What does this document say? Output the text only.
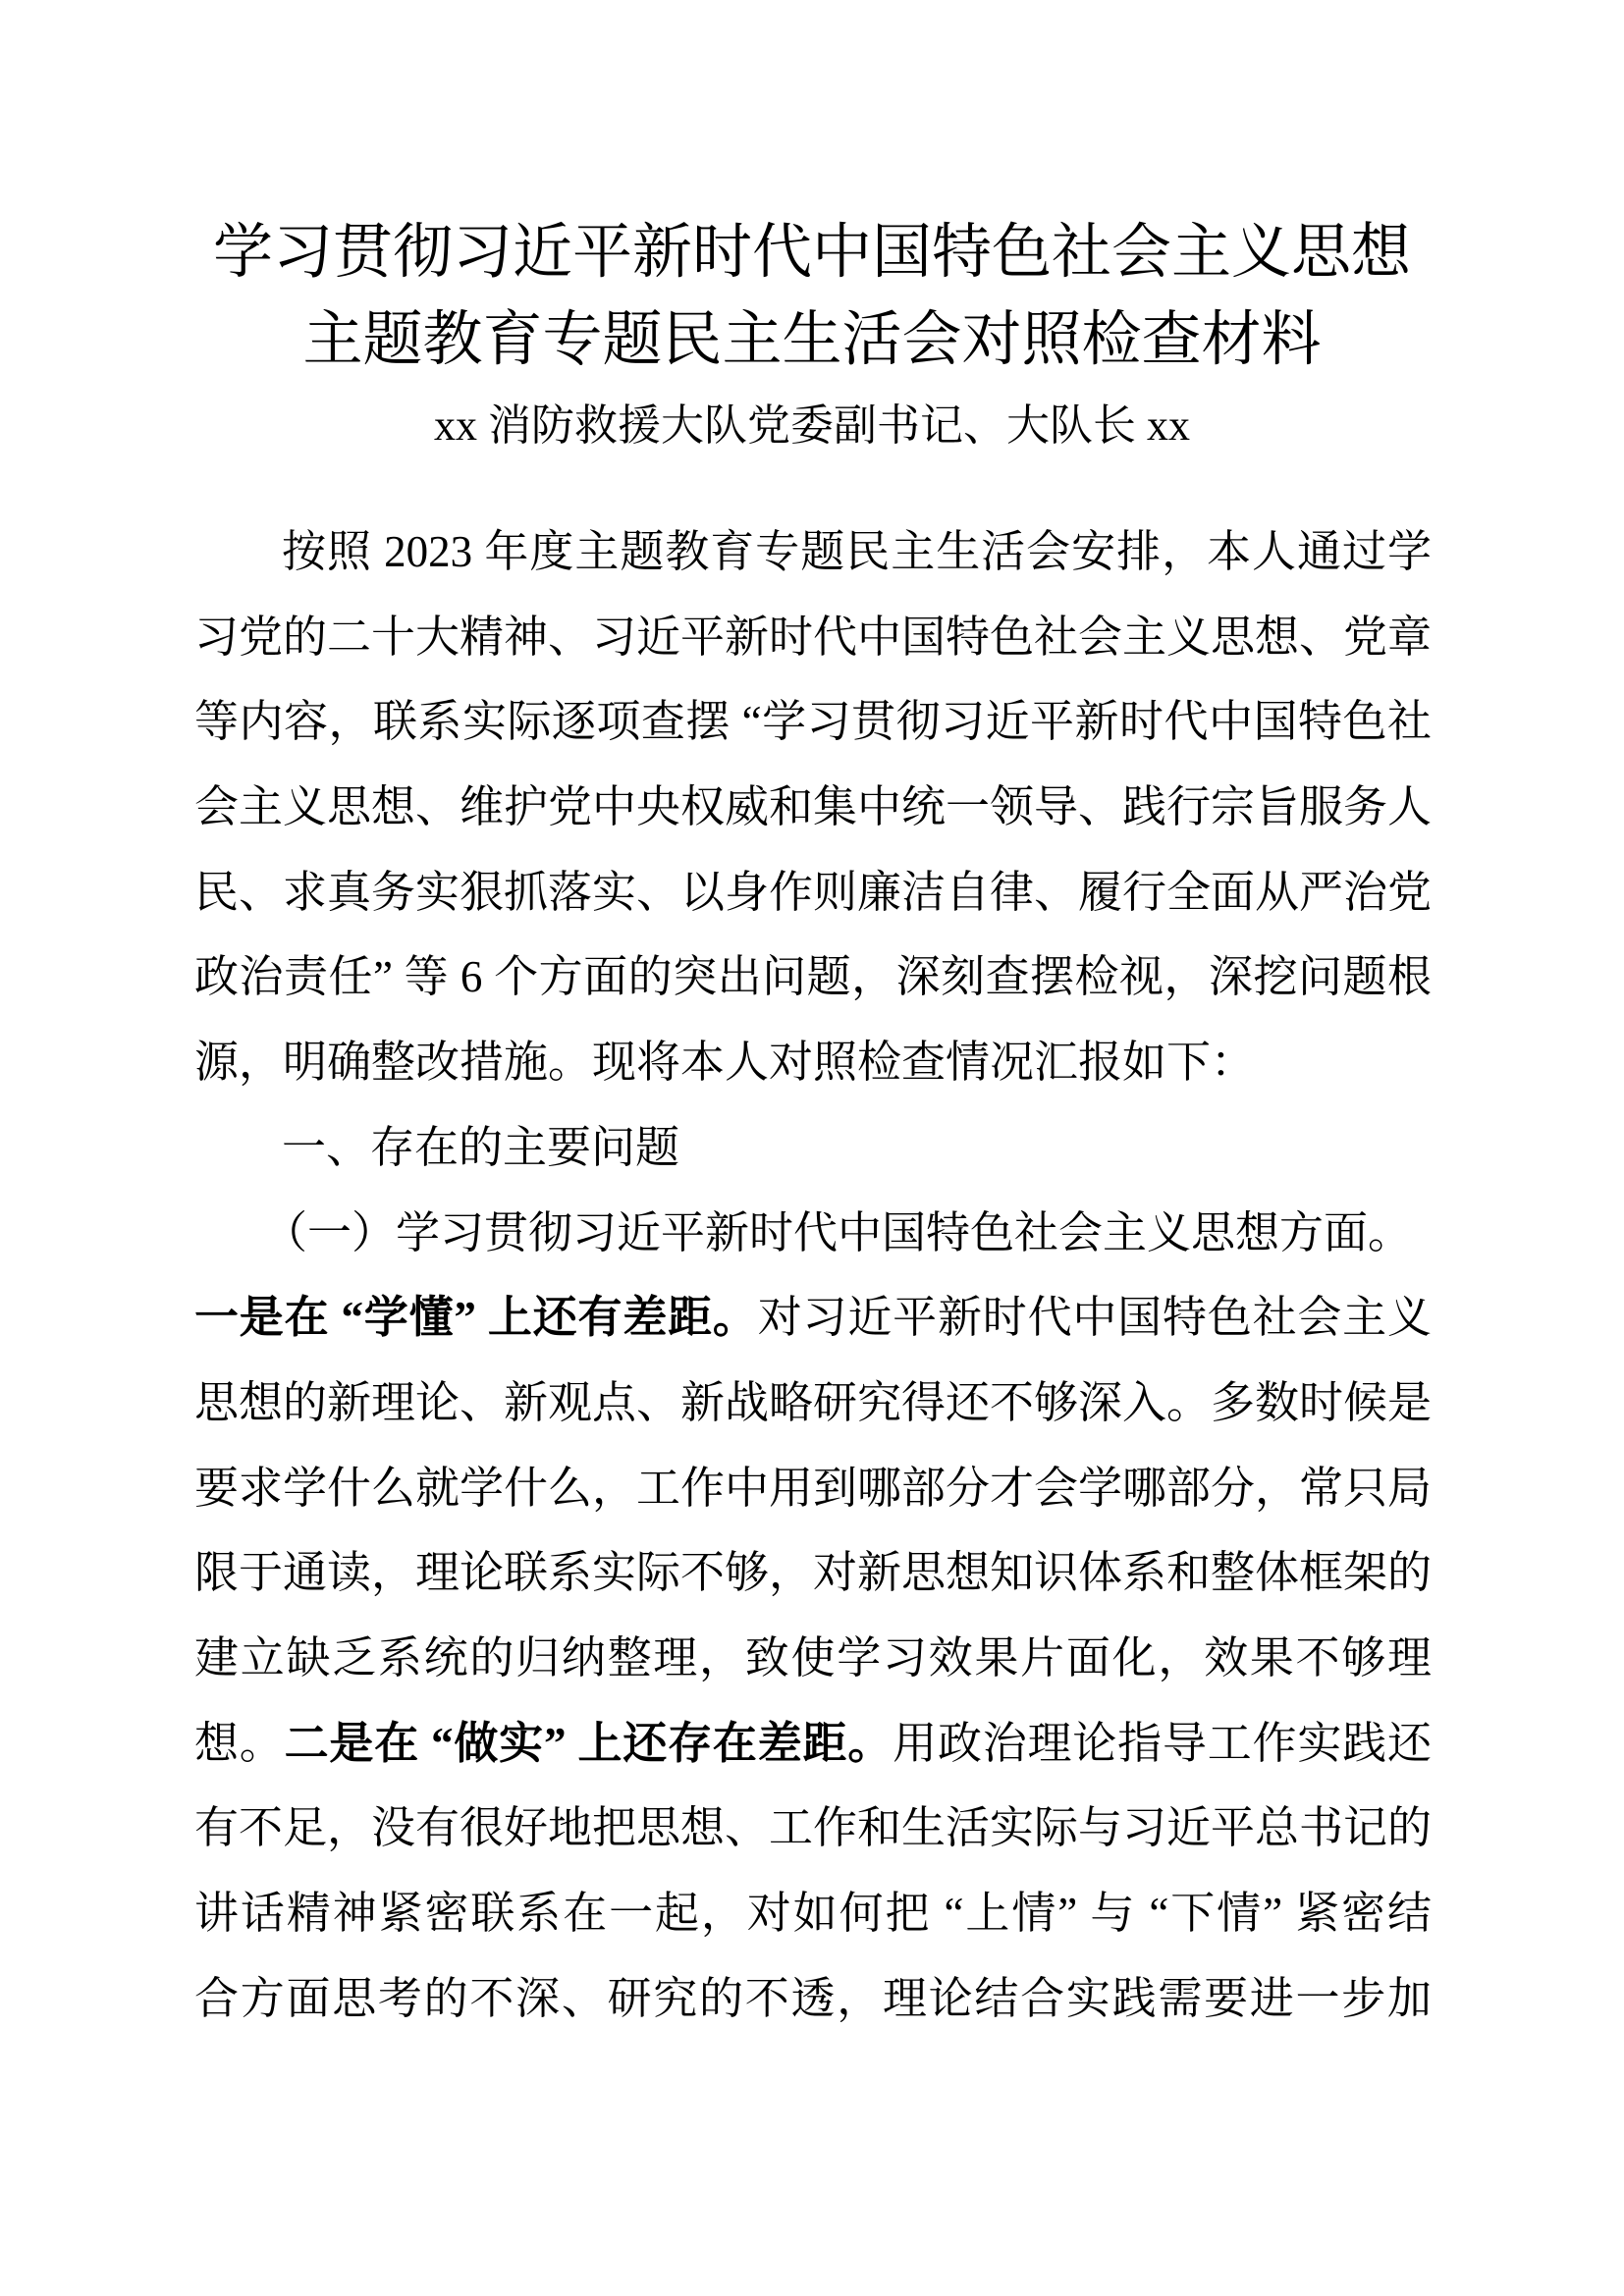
学习贯彻习近平新时代中国特色社会主义思想
主题教育专题民主生活会对照检查材料
xx 消防救援大队党委副书记、大队长 xx
按照 2023 年度主题教育专题民主生活会安排，本人通过学
习党的二十大精神、习近平新时代中国特色社会主义思想、党章
等内容，联系实际逐项查摆 “学习贯彻习近平新时代中国特色社
会主义思想、维护党中央权威和集中统一领导、践行宗旨服务人
民、求真务实狠抓落实、以身作则廉洁自律、履行全面从严治党
政治责任” 等 6 个方面的突出问题，深刻查摆检视，深挖问题根
源，明确整改措施。现将本人对照检查情况汇报如下：
一、存在的主要问题
（一）学习贯彻习近平新时代中国特色社会主义思想方面。
一是在 “学懂” 上还有差距。对习近平新时代中国特色社会主义
思想的新理论、新观点、新战略研究得还不够深入。多数时候是
要求学什么就学什么，工作中用到哪部分才会学哪部分，常只局
限于通读，理论联系实际不够，对新思想知识体系和整体框架的
建立缺乏系统的归纳整理，致使学习效果片面化，效果不够理
想。二是在 “做实” 上还存在差距。用政治理论指导工作实践还
有不足，没有很好地把思想、工作和生活实际与习近平总书记的
讲话精神紧密联系在一起，对如何把 “上情” 与 “下情” 紧密结
合方面思考的不深、研究的不透，理论结合实践需要进一步加
